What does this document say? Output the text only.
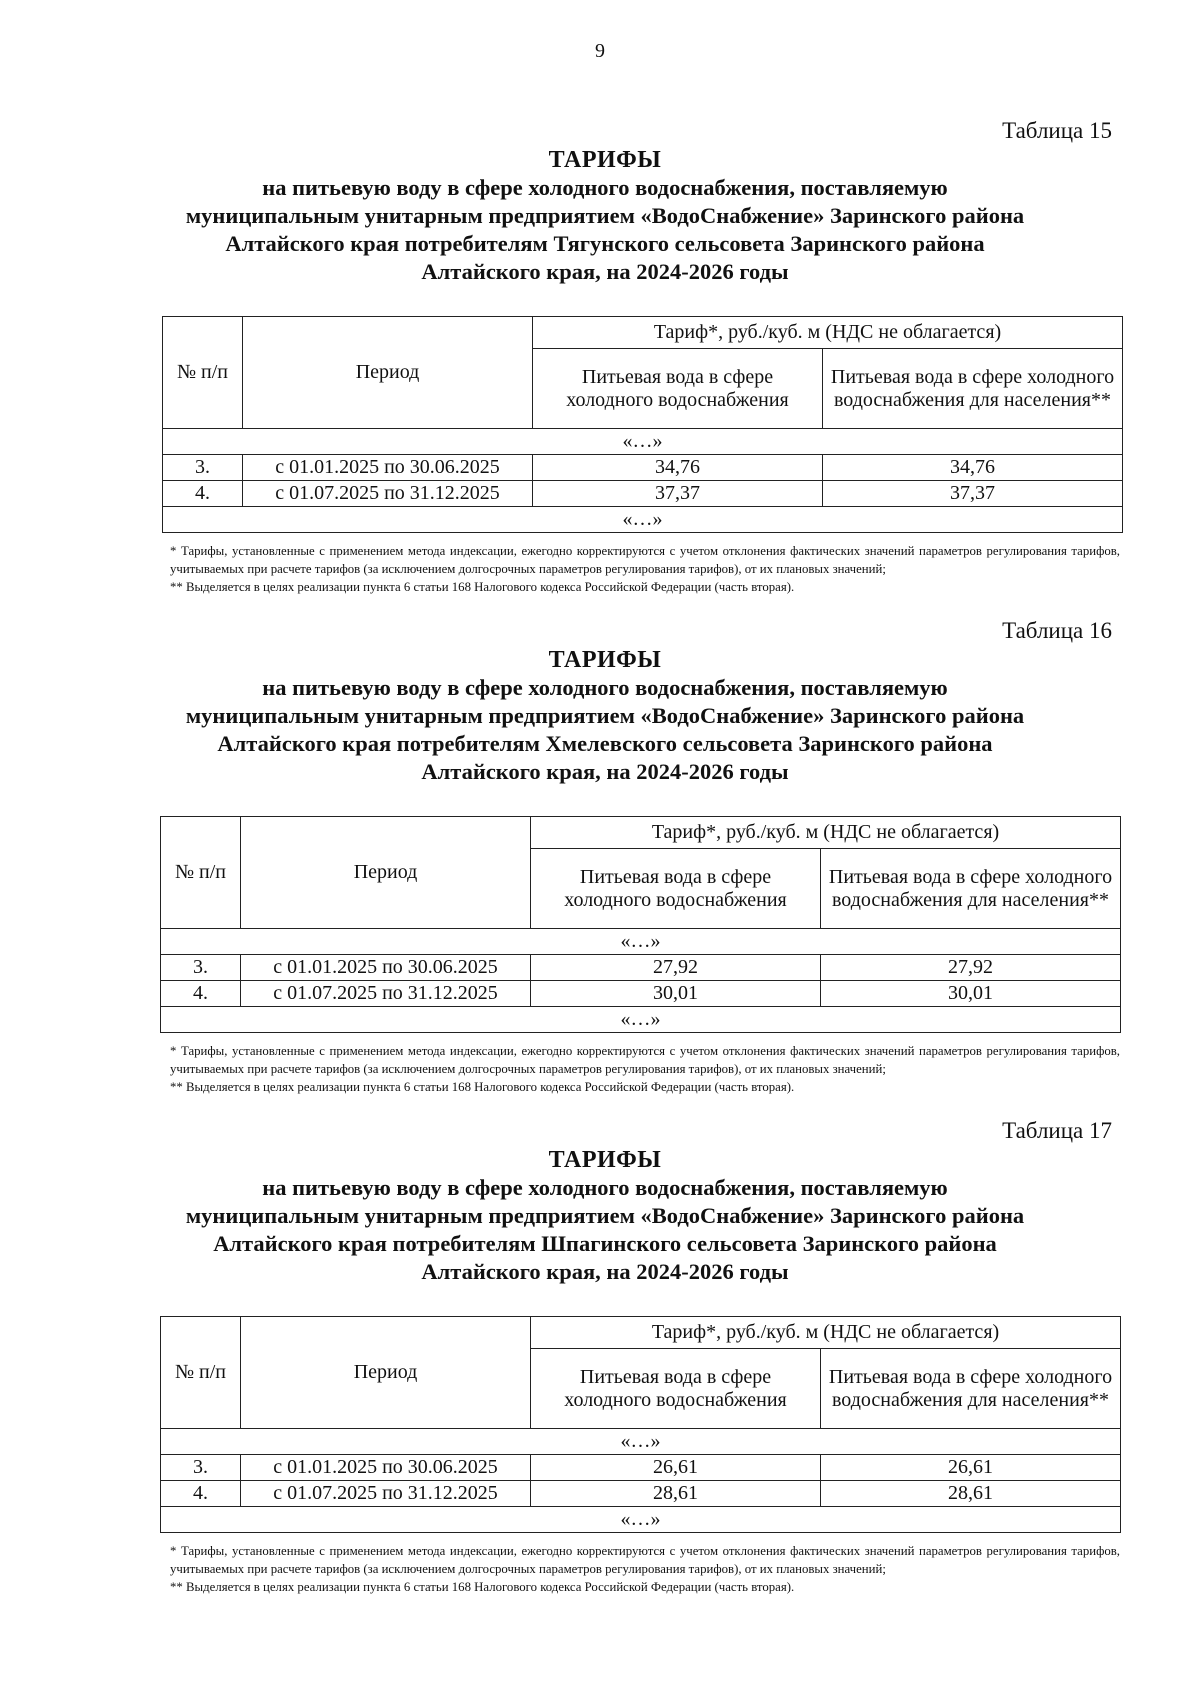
9
Таблица 15
ТАРИФЫ
на питьевую воду в сфере холодного водоснабжения, поставляемую
муниципальным унитарным предприятием «ВодоСнабжение» Заринского района
Алтайского края потребителям Тягунского сельсовета Заринского района
Алтайского края, на 2024-2026 годы
№ п/п	Период	Тариф*, руб./куб. м (НДС не облагается)	
		Питьевая вода в сфере холодного водоснабжения	Питьевая вода в сфере холодного водоснабжения для населения**
«…»			
3.	с 01.01.2025 по 30.06.2025	34,76	34,76
4.	с 01.07.2025 по 31.12.2025	37,37	37,37
«…»			

* Тарифы, установленные с применением метода индексации, ежегодно корректируются с учетом отклонения фактических значений параметров регулирования тарифов, учитываемых при расчете тарифов (за исключением долгосрочных параметров регулирования тарифов), от их плановых значений;

** Выделяется в целях реализации пункта 6 статьи 168 Налогового кодекса Российской Федерации (часть вторая).

Таблица 16
ТАРИФЫ
на питьевую воду в сфере холодного водоснабжения, поставляемую
муниципальным унитарным предприятием «ВодоСнабжение» Заринского района
Алтайского края потребителям Хмелевского сельсовета Заринского района
Алтайского края, на 2024-2026 годы
№ п/п	Период	Тариф*, руб./куб. м (НДС не облагается)	
		Питьевая вода в сфере холодного водоснабжения	Питьевая вода в сфере холодного водоснабжения для населения**
«…»			
3.	с 01.01.2025 по 30.06.2025	27,92	27,92
4.	с 01.07.2025 по 31.12.2025	30,01	30,01
«…»			

* Тарифы, установленные с применением метода индексации, ежегодно корректируются с учетом отклонения фактических значений параметров регулирования тарифов, учитываемых при расчете тарифов (за исключением долгосрочных параметров регулирования тарифов), от их плановых значений;

** Выделяется в целях реализации пункта 6 статьи 168 Налогового кодекса Российской Федерации (часть вторая).

Таблица 17
ТАРИФЫ
на питьевую воду в сфере холодного водоснабжения, поставляемую
муниципальным унитарным предприятием «ВодоСнабжение» Заринского района
Алтайского края потребителям Шпагинского сельсовета Заринского района
Алтайского края, на 2024-2026 годы
№ п/п	Период	Тариф*, руб./куб. м (НДС не облагается)	
		Питьевая вода в сфере холодного водоснабжения	Питьевая вода в сфере холодного водоснабжения для населения**
«…»			
3.	с 01.01.2025 по 30.06.2025	26,61	26,61
4.	с 01.07.2025 по 31.12.2025	28,61	28,61
«…»			

* Тарифы, установленные с применением метода индексации, ежегодно корректируются с учетом отклонения фактических значений параметров регулирования тарифов, учитываемых при расчете тарифов (за исключением долгосрочных параметров регулирования тарифов), от их плановых значений;

** Выделяется в целях реализации пункта 6 статьи 168 Налогового кодекса Российской Федерации (часть вторая).
